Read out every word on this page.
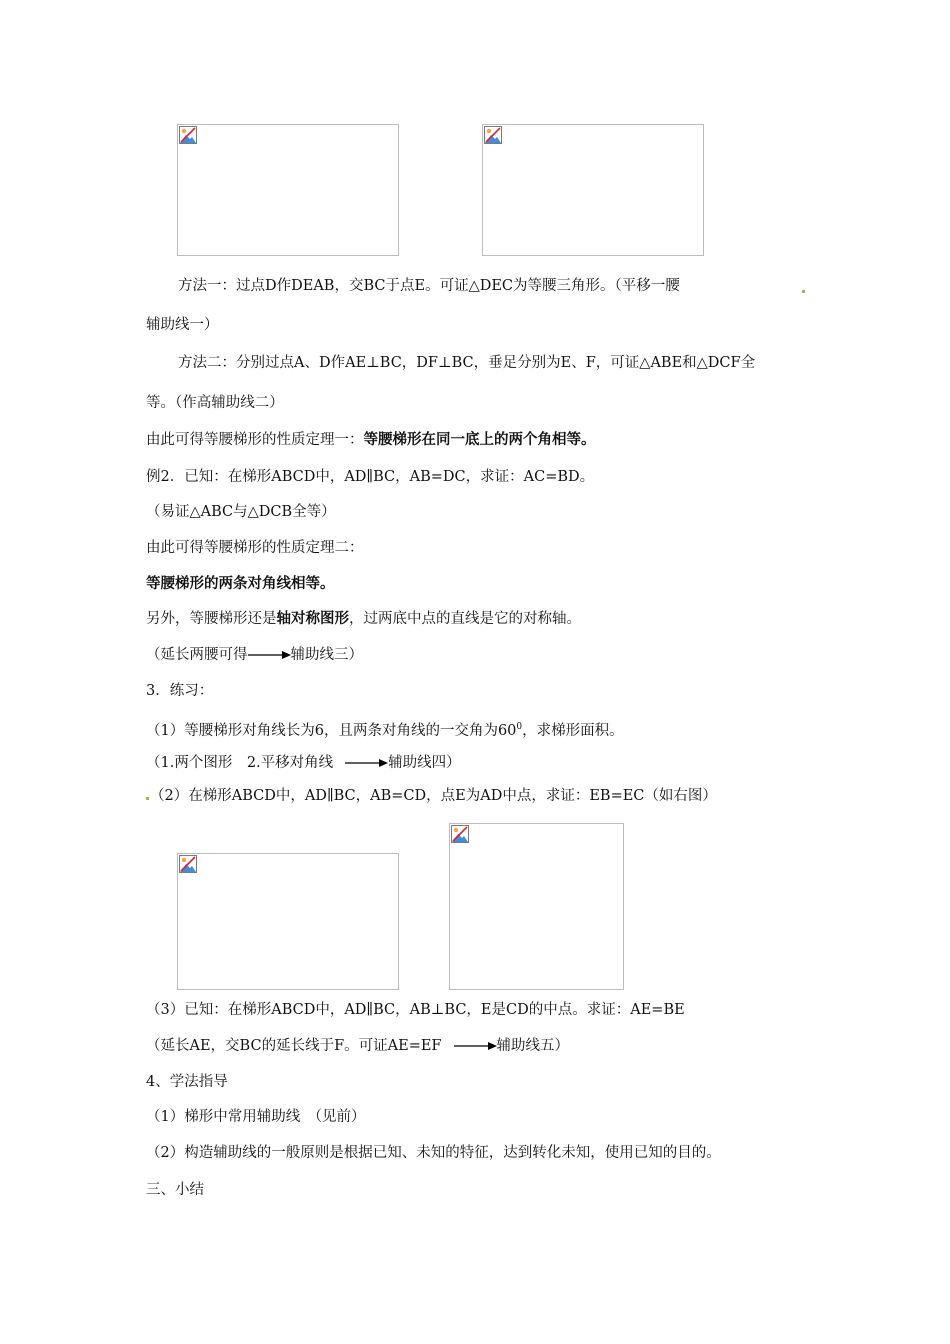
方法一：过点D作DEAB，交BC于点E。可证△DEC为等腰三角形。（平移一腰
辅助线一）
方法二：分别过点A、D作AE⊥BC，DF⊥BC，垂足分别为E、F，可证△ABE和△DCF全
等。（作高辅助线二）
由此可得等腰梯形的性质定理一：等腰梯形在同一底上的两个角相等。
例2．已知：在梯形ABCD中，AD∥BC，AB=DC，求证：AC=BD。
（易证△ABC与△DCB全等）
由此可得等腰梯形的性质定理二：
等腰梯形的两条对角线相等。
另外，等腰梯形还是轴对称图形，过两底中点的直线是它的对称轴。
（延长两腰可得	辅助线三）
3．练习：
（1）等腰梯形对角线长为6，且两条对角线的一交角为$60^0$，求梯形面积。
（1.两个图形　2.平移对角线	辅助线四）
（2）在梯形ABCD中，AD∥BC，AB=CD，点E为AD中点，求证：EB=EC（如右图）
（3）已知：在梯形ABCD中，AD∥BC，AB⊥BC，E是CD的中点。求证：AE=BE
（延长AE，交BC的延长线于F。可证AE=EF	辅助线五）
4、学法指导
（1）梯形中常用辅助线　（见前）
（2）构造辅助线的一般原则是根据已知、未知的特征，达到转化未知，使用已知的目的。
三、小结
